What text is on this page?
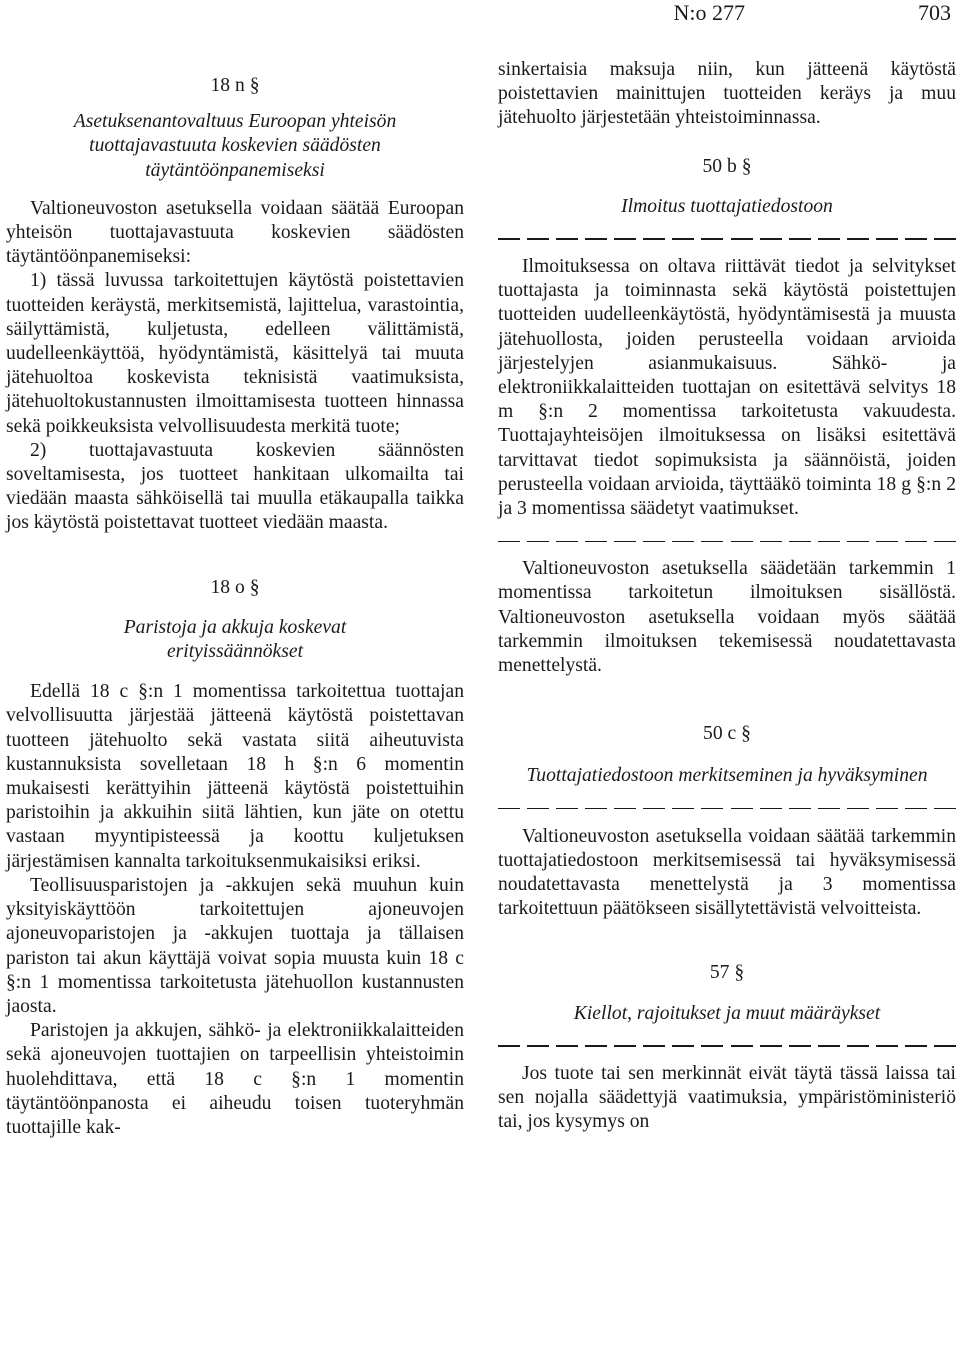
N:o 277	703

18 n §

Asetuksenantovaltuus Euroopan yhteisön tuottajavastuuta koskevien säädösten täytäntöönpanemiseksi

Valtioneuvoston asetuksella voidaan säätää Euroopan yhteisön tuottajavastuuta koskevien säädösten täytäntöönpanemiseksi:

1) tässä luvussa tarkoitettujen käytöstä poistettavien tuotteiden keräystä, merkitsemistä, lajittelua, varastointia, säilyttämistä, kuljetusta, edelleen välittämistä, uudelleenkäyttöä, hyödyntämistä, käsittelyä tai muuta jätehuoltoa koskevista teknisistä vaatimuksista, jätehuoltokustannusten ilmoittamisesta tuotteen hinnassa sekä poikkeuksista velvollisuudesta merkitä tuote;

2) tuottajavastuuta koskevien säännösten soveltamisesta, jos tuotteet hankitaan ulkomailta tai viedään maasta sähköisellä tai muulla etäkaupalla taikka jos käytöstä poistettavat tuotteet viedään maasta.

18 o §

Paristoja ja akkuja koskevat erityissäännökset

Edellä 18 c §:n 1 momentissa tarkoitettua tuottajan velvollisuutta järjestää jätteenä käytöstä poistettavan tuotteen jätehuolto sekä vastata siitä aiheutuvista kustannuksista sovelletaan 18 h §:n 6 momentin mukaisesti kerättyihin jätteenä käytöstä poistettuihin paristoihin ja akkuihin siitä lähtien, kun jäte on otettu vastaan myyntipisteessä ja koottu kuljetuksen järjestämisen kannalta tarkoituksenmukaisiksi eriksi.

Teollisuusparistojen ja -akkujen sekä muuhun kuin yksityiskäyttöön tarkoitettujen ajoneuvojen ajoneuvoparistojen ja -akkujen tuottaja ja tällaisen pariston tai akun käyttäjä voivat sopia muusta kuin 18 c §:n 1 momentissa tarkoitetusta jätehuollon kustannusten jaosta.

Paristojen ja akkujen, sähkö- ja elektroniikkalaitteiden sekä ajoneuvojen tuottajien on tarpeellisin yhteistoimin huolehdittava, että 18 c §:n 1 momentin täytäntöönpanosta ei aiheudu toisen tuoteryhmän tuottajille kak-

sinkertaisia maksuja niin, kun jätteenä käytöstä poistettavien mainittujen tuotteiden keräys ja muu jätehuolto järjestetään yhteistoiminnassa.

50 b §

Ilmoitus tuottajatiedostoon

Ilmoituksessa on oltava riittävät tiedot ja selvitykset tuottajasta ja toiminnasta sekä käytöstä poistettujen tuotteiden uudelleenkäytöstä, hyödyntämisestä ja muusta jätehuollosta, joiden perusteella voidaan arvioida järjestelyjen asianmukaisuus. Sähkö- ja elektroniikkalaitteiden tuottajan on esitettävä selvitys 18 m §:n 2 momentissa tarkoitetusta vakuudesta. Tuottajayhteisöjen ilmoituksessa on lisäksi esitettävä tarvittavat tiedot sopimuksista ja säännöistä, joiden perusteella voidaan arvioida, täyttääkö toiminta 18 g §:n 2 ja 3 momentissa säädetyt vaatimukset.

Valtioneuvoston asetuksella säädetään tarkemmin 1 momentissa tarkoitetun ilmoituksen sisällöstä. Valtioneuvoston asetuksella voidaan myös säätää tarkemmin ilmoituksen tekemisessä noudatettavasta menettelystä.

50 c §

Tuottajatiedostoon merkitseminen ja hyväksyminen

Valtioneuvoston asetuksella voidaan säätää tarkemmin tuottajatiedostoon merkitsemisessä tai hyväksymisessä noudatettavasta menettelystä ja 3 momentissa tarkoitettuun päätökseen sisällytettävistä velvoitteista.

57 §

Kiellot, rajoitukset ja muut määräykset

Jos tuote tai sen merkinnät eivät täytä tässä laissa tai sen nojalla säädettyjä vaatimuksia, ympäristöministeriö tai, jos kysymys on
